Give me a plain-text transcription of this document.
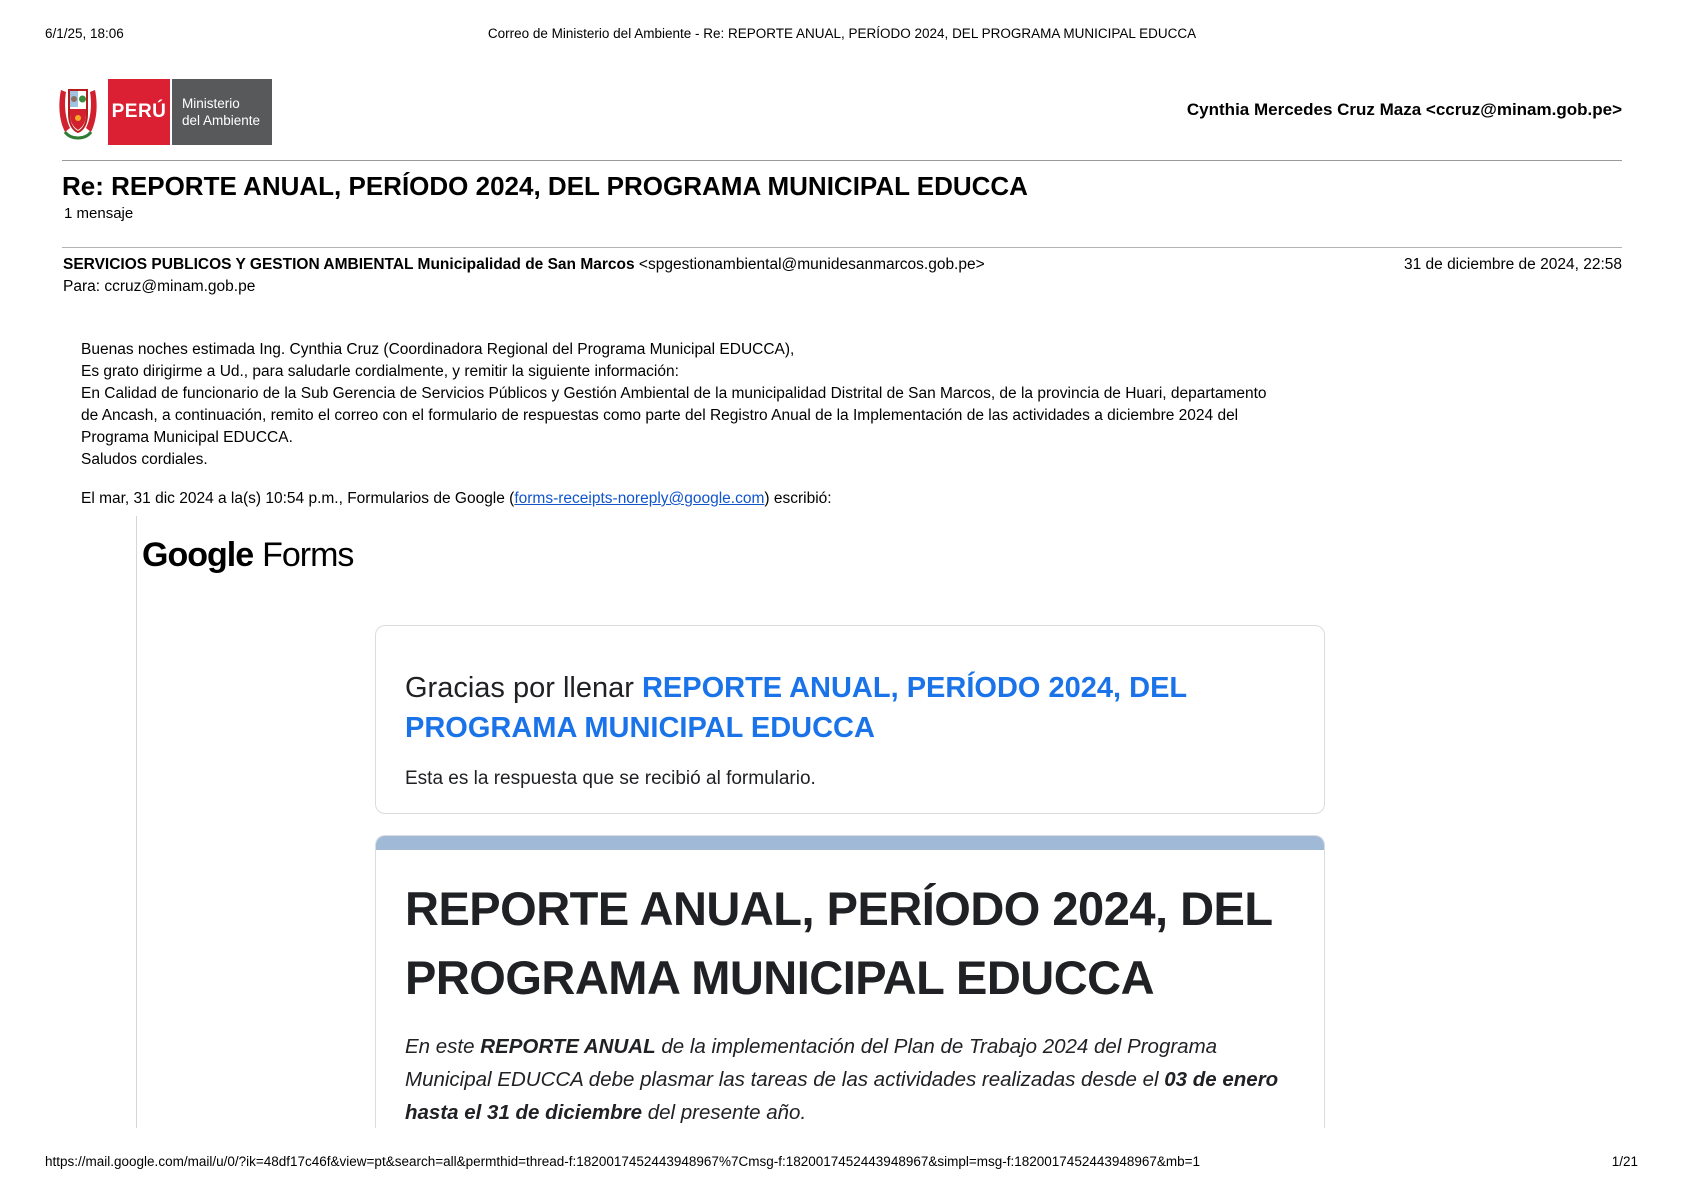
6/1/25, 18:06	Correo de Ministerio del Ambiente - Re: REPORTE ANUAL, PERÍODO 2024, DEL PROGRAMA MUNICIPAL EDUCCA
PERÚ Ministerio
del Ambiente
Cynthia Mercedes Cruz Maza <ccruz@minam.gob.pe>
Re: REPORTE ANUAL, PERÍODO 2024, DEL PROGRAMA MUNICIPAL EDUCCA
1 mensaje
SERVICIOS PUBLICOS Y GESTION AMBIENTAL Municipalidad de San Marcos <spgestionambiental@munidesanmarcos.gob.pe>	31 de diciembre de 2024, 22:58
Para: ccruz@minam.gob.pe
Buenas noches estimada Ing. Cynthia Cruz (Coordinadora Regional del Programa Municipal EDUCCA),
Es grato dirigirme a Ud., para saludarle cordialmente, y remitir la siguiente información:
En Calidad de funcionario de la Sub Gerencia de Servicios Públicos y Gestión Ambiental de la municipalidad Distrital de San Marcos, de la provincia de Huari, departamento
de Ancash, a continuación, remito el correo con el formulario de respuestas como parte del Registro Anual de la Implementación de las actividades a diciembre 2024 del
Programa Municipal EDUCCA.
Saludos cordiales.
El mar, 31 dic 2024 a la(s) 10:54 p.m., Formularios de Google (forms-receipts-noreply@google.com) escribió:
Google Forms
Gracias por llenar REPORTE ANUAL, PERÍODO 2024, DEL PROGRAMA MUNICIPAL EDUCCA
Esta es la respuesta que se recibió al formulario.
REPORTE ANUAL, PERÍODO 2024, DEL PROGRAMA MUNICIPAL EDUCCA
En este REPORTE ANUAL de la implementación del Plan de Trabajo 2024 del Programa Municipal EDUCCA debe plasmar las tareas de las actividades realizadas desde el 03 de enero hasta el 31 de diciembre del presente año.
https://mail.google.com/mail/u/0/?ik=48df17c46f&view=pt&search=all&permthid=thread-f:1820017452443948967%7Cmsg-f:1820017452443948967&simpl=msg-f:1820017452443948967&mb=1	1/21
